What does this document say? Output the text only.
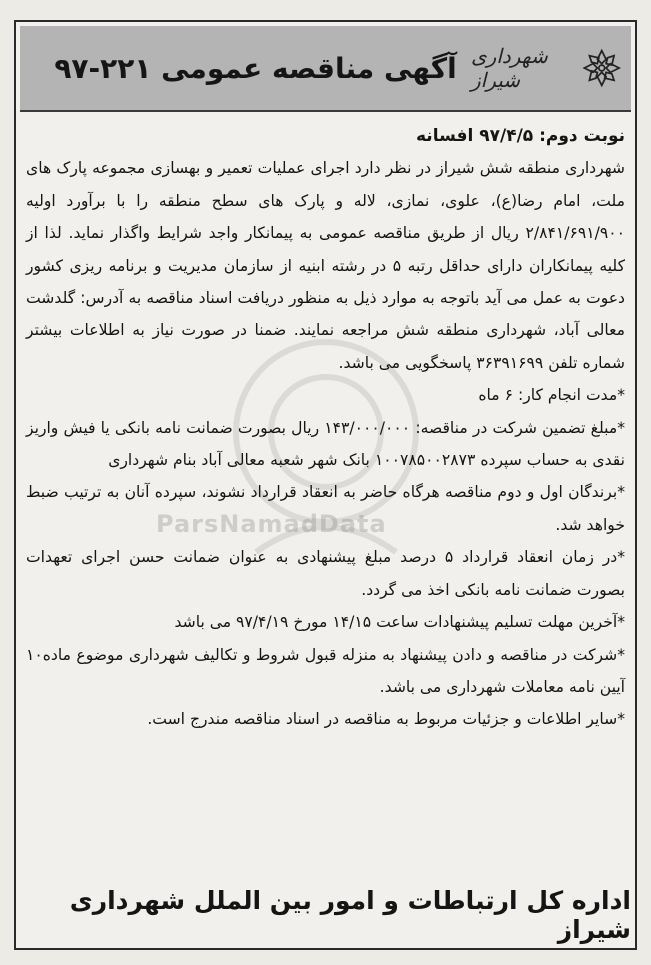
شهرداری شیراز
آگهی مناقصه عمومی ۲۲۱-۹۷
ParsNamadData

نوبت دوم: ۹۷/۴/۵ افسانه

شهرداری منطقه شش شیراز در نظر دارد اجرای عملیات تعمیر و بهسازی مجموعه پارک های ملت، امام رضا(ع)، علوی، نمازی، لاله و پارک های سطح منطقه را با برآورد اولیه ۲/۸۴۱/۶۹۱/۹۰۰ ریال از طریق مناقصه عمومی به پیمانکار واجد شرایط واگذار نماید. لذا از کلیه پیمانکاران دارای حداقل رتبه ۵ در رشته ابنیه از سازمان مدیریت و برنامه ریزی کشور دعوت به عمل می آید باتوجه به موارد ذیل به منظور دریافت اسناد مناقصه به آدرس: گلدشت معالی آباد، شهرداری منطقه شش مراجعه نمایند. ضمنا در صورت نیاز به اطلاعات بیشتر شماره تلفن ۳۶۳۹۱۶۹۹ پاسخگویی می باشد.

*مدت انجام کار: ۶ ماه

*مبلغ تضمین شرکت در مناقصه: ۱۴۳/۰۰۰/۰۰۰ ریال بصورت ضمانت نامه بانکی یا فیش واریز نقدی به حساب سپرده ۱۰۰۷۸۵۰۰۲۸۷۳ بانک شهر شعبه معالی آباد بنام شهرداری

*برندگان اول و دوم مناقصه هرگاه حاضر به انعقاد قرارداد نشوند، سپرده آنان به ترتیب ضبط خواهد شد.

*در زمان انعقاد قرارداد ۵ درصد مبلغ پیشنهادی به عنوان ضمانت حسن اجرای تعهدات بصورت ضمانت نامه بانکی اخذ می گردد.

*آخرین مهلت تسلیم پیشنهادات ساعت ۱۴/۱۵ مورخ ۹۷/۴/۱۹ می باشد

*شرکت در مناقصه و دادن پیشنهاد به منزله قبول شروط و تکالیف شهرداری موضوع ماده۱۰ آیین نامه معاملات شهرداری می باشد.

*سایر اطلاعات و جزئیات مربوط به مناقصه در اسناد مناقصه مندرج است.

اداره کل ارتباطات و امور بین الملل شهرداری شیراز
